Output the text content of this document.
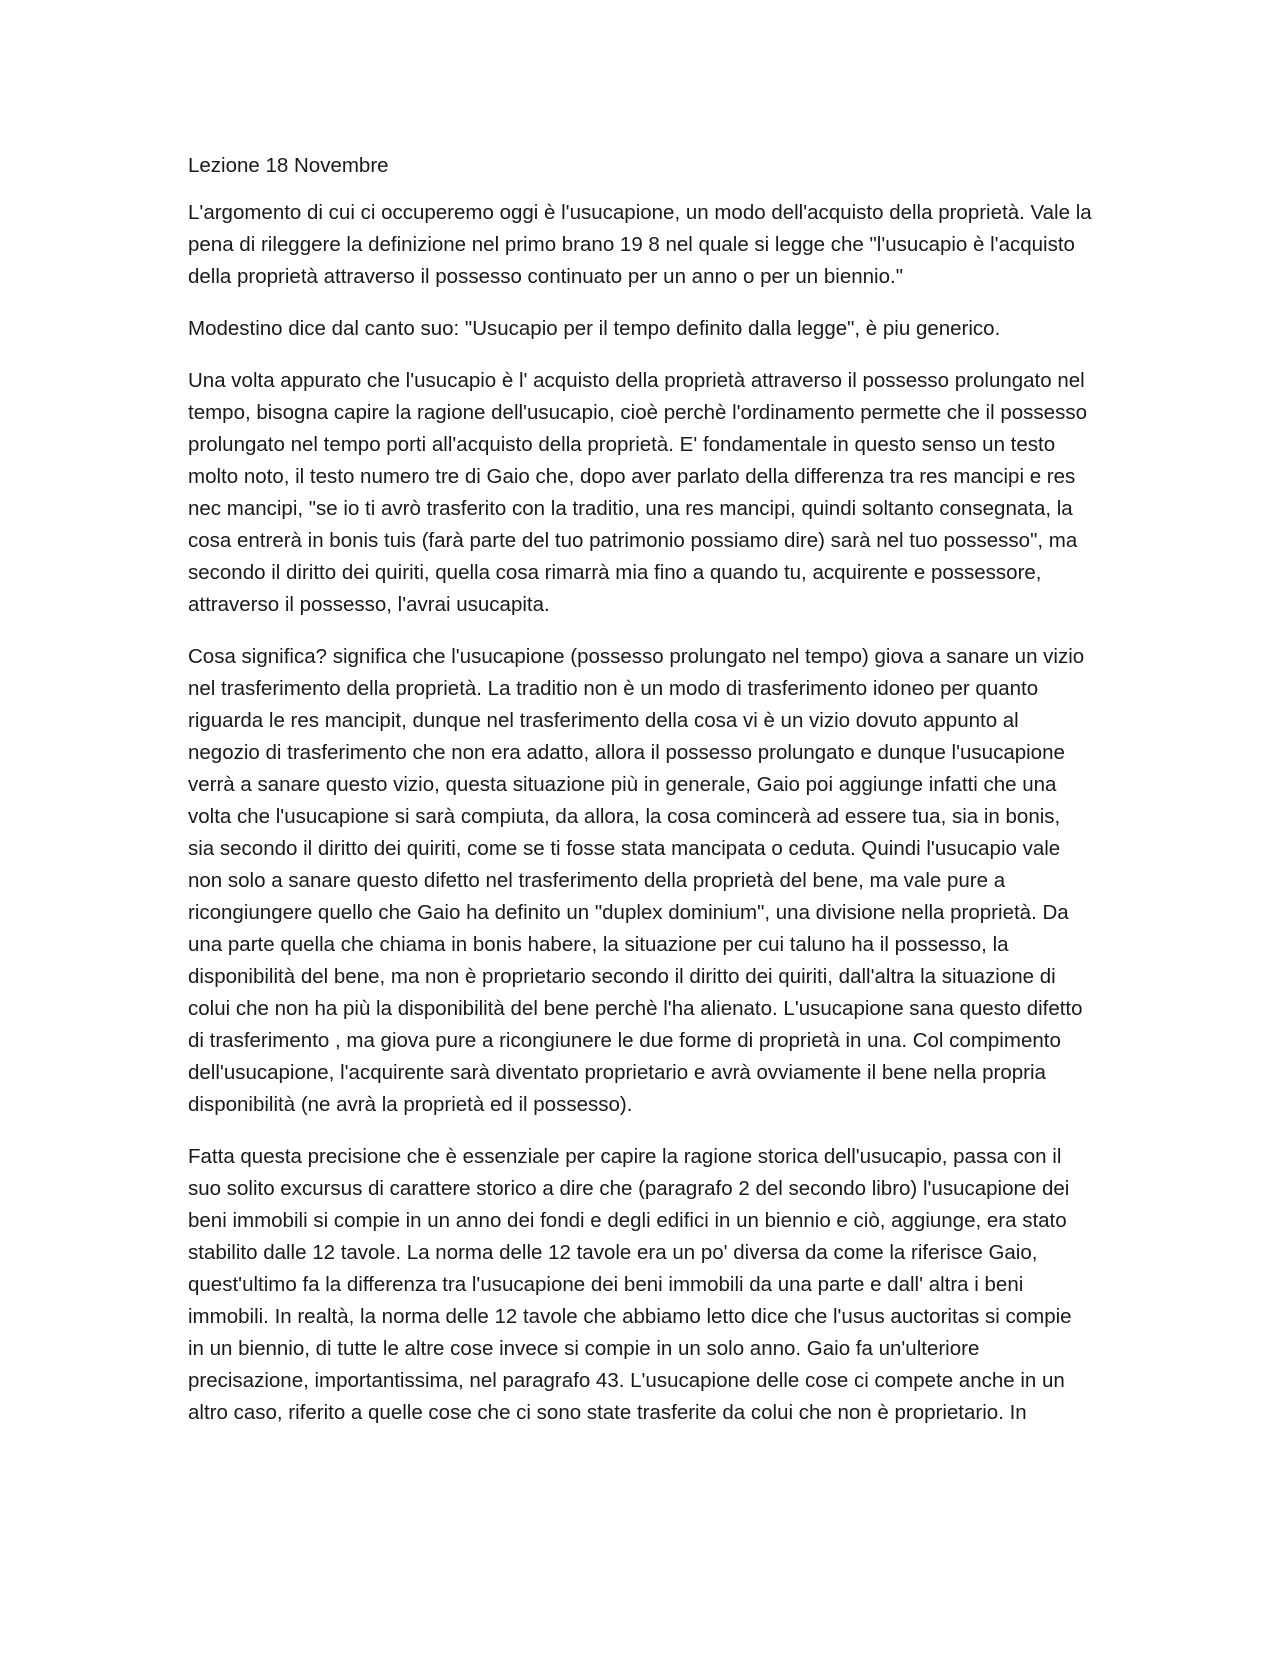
Lezione 18 Novembre

L'argomento di cui ci occuperemo oggi è l'usucapione, un modo dell'acquisto della proprietà. Vale la pena di rileggere la definizione nel primo brano 19 8 nel quale si legge che "l'usucapio è l'acquisto della proprietà attraverso il possesso continuato per un anno o per un biennio."

Modestino dice dal canto suo: "Usucapio per il tempo definito dalla legge", è piu generico.

Una volta appurato che l'usucapio è l' acquisto della proprietà attraverso il possesso prolungato nel tempo, bisogna capire la ragione dell'usucapio, cioè perchè l'ordinamento permette che il possesso prolungato nel tempo porti all'acquisto della proprietà. E' fondamentale in questo senso un testo molto noto, il testo numero tre di Gaio che, dopo aver parlato della differenza tra res mancipi e res nec mancipi, "se io ti avrò trasferito con la traditio, una res mancipi, quindi soltanto consegnata, la cosa entrerà in bonis tuis (farà parte del tuo patrimonio possiamo dire) sarà nel tuo possesso", ma secondo il diritto dei quiriti, quella cosa rimarrà mia fino a quando tu, acquirente e possessore, attraverso il possesso, l'avrai usucapita.

Cosa significa? significa che l'usucapione (possesso prolungato nel tempo) giova a sanare un vizio nel trasferimento della proprietà. La traditio non è un modo di trasferimento idoneo per quanto riguarda le res mancipit, dunque nel trasferimento della cosa vi è un vizio dovuto appunto al negozio di trasferimento che non era adatto, allora il possesso prolungato e dunque l'usucapione verrà a sanare questo vizio, questa situazione più in generale, Gaio poi aggiunge infatti che una volta che l'usucapione si sarà compiuta, da allora, la cosa comincerà ad essere tua, sia in bonis, sia secondo il diritto dei quiriti, come se ti fosse stata mancipata o ceduta. Quindi l'usucapio vale non solo a sanare questo difetto nel trasferimento della proprietà del bene, ma vale pure a ricongiungere quello che Gaio ha definito un "duplex dominium", una divisione nella proprietà. Da una parte quella che chiama in bonis habere, la situazione per cui taluno ha il possesso, la disponibilità del bene, ma non è proprietario secondo il diritto dei quiriti, dall'altra la situazione di colui che non ha più la disponibilità del bene perchè l'ha alienato. L'usucapione sana questo difetto di trasferimento , ma giova pure a ricongiunere le due forme di proprietà in una. Col compimento dell'usucapione, l'acquirente sarà diventato proprietario e avrà ovviamente il bene nella propria disponibilità (ne avrà la proprietà ed il possesso).

Fatta questa precisione che è essenziale per capire la ragione storica dell'usucapio, passa con il suo solito excursus di carattere storico a dire che (paragrafo 2 del secondo libro) l'usucapione dei beni immobili si compie in un anno dei fondi e degli edifici in un biennio e ciò, aggiunge, era stato stabilito dalle 12 tavole. La norma delle 12 tavole era un po' diversa da come la riferisce Gaio, quest'ultimo fa la differenza tra l'usucapione dei beni immobili da una parte e dall' altra i beni immobili. In realtà, la norma delle 12 tavole che abbiamo letto dice che l'usus auctoritas si compie in un biennio, di tutte le altre cose invece si compie in un solo anno. Gaio fa un'ulteriore precisazione, importantissima, nel paragrafo 43. L'usucapione delle cose ci compete anche in un altro caso, riferito a quelle cose che ci sono state trasferite da colui che non è proprietario. In
